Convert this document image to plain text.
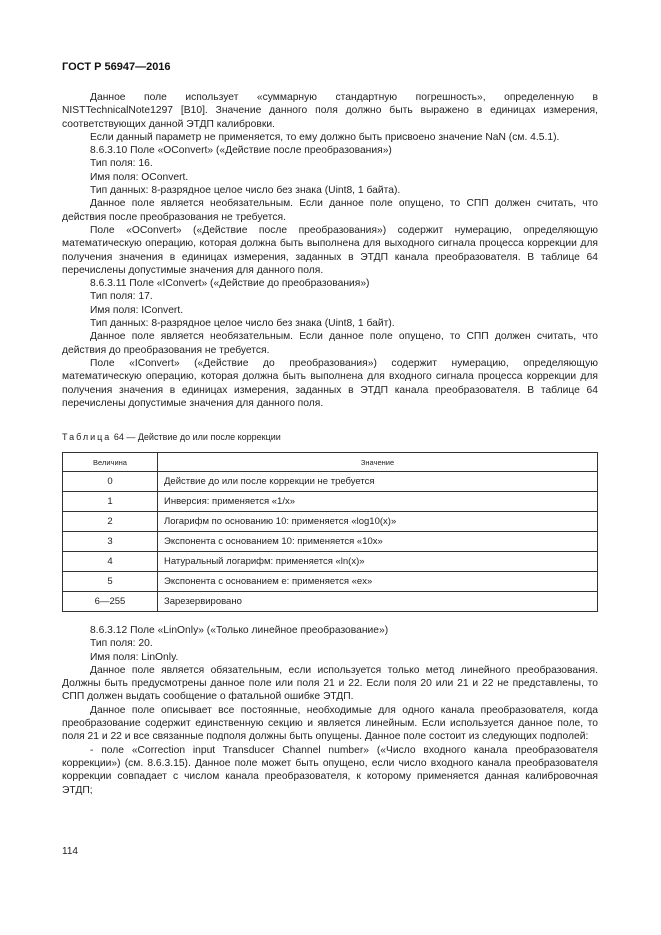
ГОСТ Р 56947—2016

Данное поле использует «суммарную стандартную погрешность», определенную в NISTTechnicalNote1297 [B10]. Значение данного поля должно быть выражено в единицах измерения, соответствующих данной ЭТДП калибровки.

Если данный параметр не применяется, то ему должно быть присвоено значение NaN (см. 4.5.1).

8.6.3.10 Поле «OConvert» («Действие после преобразования»)

Тип поля: 16.

Имя поля: OConvert.

Тип данных: 8-разрядное целое число без знака (Uint8, 1 байта).

Данное поле является необязательным. Если данное поле опущено, то СПП должен считать, что действия после преобразования не требуется.

Поле «OConvert» («Действие после преобразования») содержит нумерацию, определяющую математическую операцию, которая должна быть выполнена для выходного сигнала процесса коррекции для получения значения в единицах измерения, заданных в ЭТДП канала преобразователя. В таблице 64 перечислены допустимые значения для данного поля.

8.6.3.11 Поле «IConvert» («Действие до преобразования»)

Тип поля: 17.

Имя поля: IConvert.

Тип данных: 8-разрядное целое число без знака (Uint8, 1 байт).

Данное поле является необязательным. Если данное поле опущено, то СПП должен считать, что действия до преобразования не требуется.

Поле «IConvert» («Действие до преобразования») содержит нумерацию, определяющую математическую операцию, которая должна быть выполнена для входного сигнала процесса коррекции для получения значения в единицах измерения, заданных в ЭТДП канала преобразователя. В таблице 64 перечислены допустимые значения для данного поля.

Таблица 64 — Действие до или после коррекции
Величина	Значение
0	Действие до или после коррекции не требуется
1	Инверсия: применяется «1/x»
2	Логарифм по основанию 10: применяется «log10(x)»
3	Экспонента с основанием 10: применяется «10x»
4	Натуральный логарифм: применяется «ln(x)»
5	Экспонента с основанием e: применяется «ex»
6—255	Зарезервировано

8.6.3.12 Поле «LinOnly» («Только линейное преобразование»)

Тип поля: 20.

Имя поля: LinOnly.

Данное поле является обязательным, если используется только метод линейного преобразования. Должны быть предусмотрены данное поле или поля 21 и 22. Если поля 20 или 21 и 22 не представлены, то СПП должен выдать сообщение о фатальной ошибке ЭТДП.

Данное поле описывает все постоянные, необходимые для одного канала преобразователя, когда преобразование содержит единственную секцию и является линейным. Если используется данное поле, то поля 21 и 22 и все связанные подполя должны быть опущены. Данное поле состоит из следующих подполей:

- поле «Correction input Transducer Channel number» («Число входного канала преобразователя коррекции») (см. 8.6.3.15). Данное поле может быть опущено, если число входного канала преобразователя коррекции совпадает с числом канала преобразователя, к которому применяется данная калибровочная ЭТДП;

114
